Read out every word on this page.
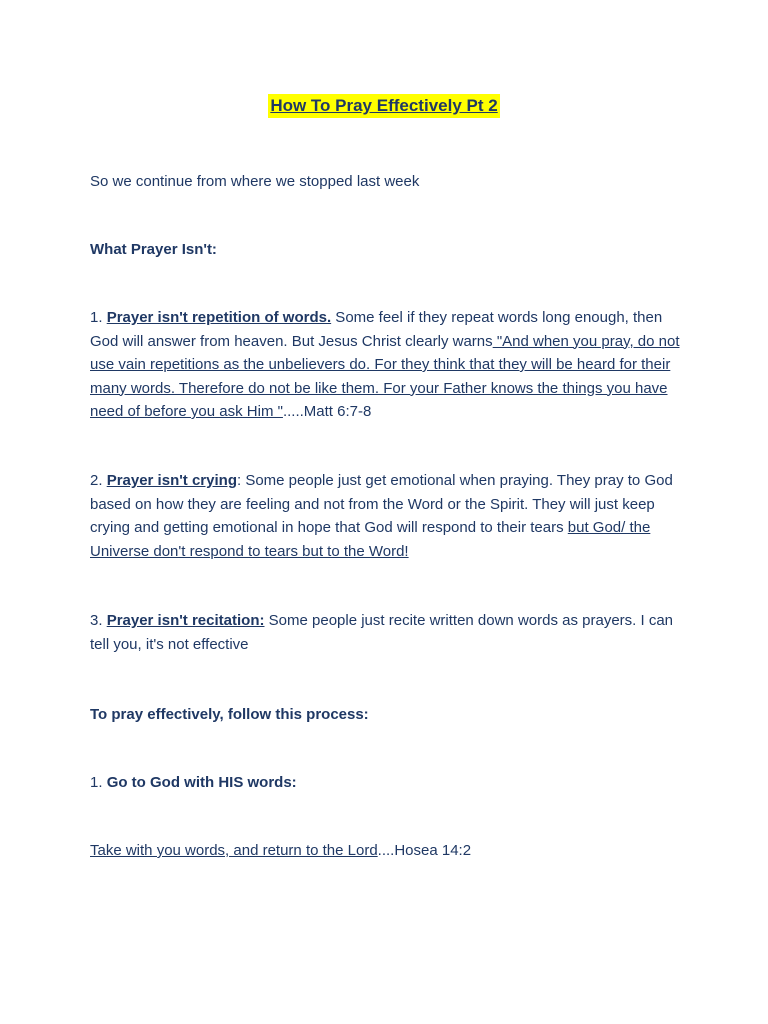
How To Pray Effectively Pt 2
So we continue from where we stopped last week
What Prayer Isn't:
1. Prayer isn't repetition of words. Some feel if they repeat words long enough, then God will answer from heaven. But Jesus Christ clearly warns "And when you pray, do not use vain repetitions as the unbelievers do. For they think that they will be heard for their many words. Therefore do not be like them. For your Father knows the things you have need of before you ask Him ".....Matt 6:7-8
2. Prayer isn't crying: Some people just get emotional when praying. They pray to God based on how they are feeling and not from the Word or the Spirit. They will just keep crying and getting emotional in hope that God will respond to their tears but God/ the Universe don't respond to tears but to the Word!
3. Prayer isn't recitation: Some people just recite written down words as prayers. I can tell you, it's not effective
To pray effectively, follow this process:
1. Go to God with HIS words:
Take with you words, and return to the Lord....Hosea 14:2
